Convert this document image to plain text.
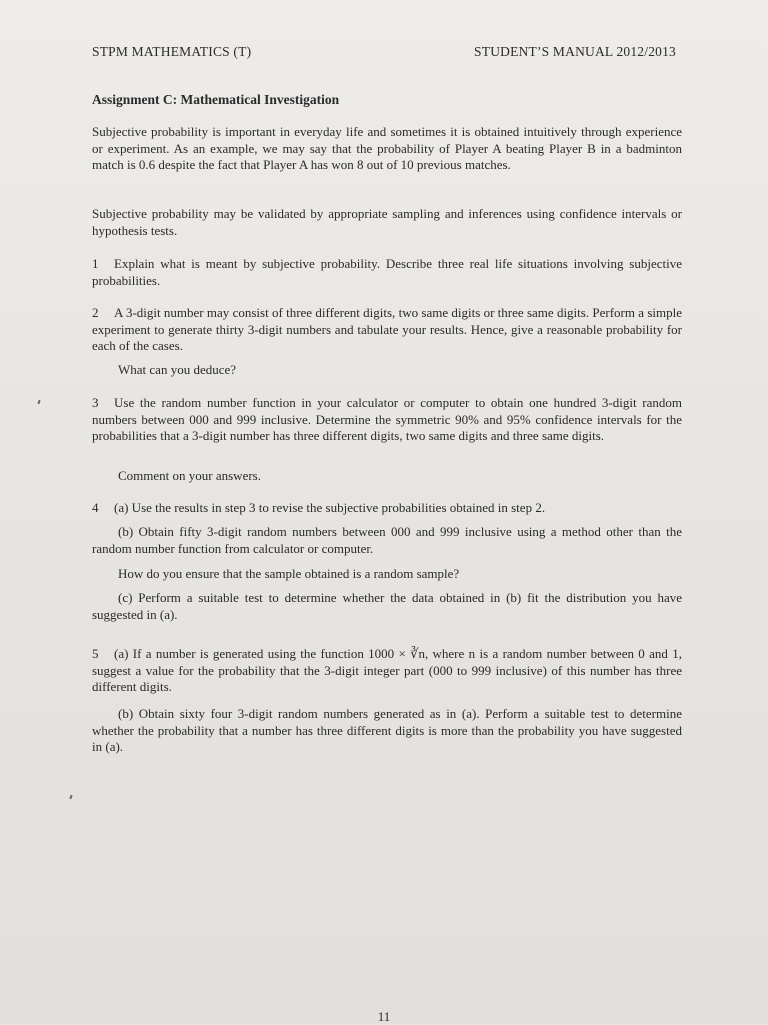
STPM MATHEMATICS (T)	STUDENT’S MANUAL 2012/2013
Assignment C: Mathematical Investigation
Subjective probability is important in everyday life and sometimes it is obtained intuitively through experience or experiment. As an example, we may say that the probability of Player A beating Player B in a badminton match is 0.6 despite the fact that Player A has won 8 out of 10 previous matches.
Subjective probability may be validated by appropriate sampling and inferences using confidence intervals or hypothesis tests.
1 Explain what is meant by subjective probability. Describe three real life situations involving subjective probabilities.
2 A 3-digit number may consist of three different digits, two same digits or three same digits. Perform a simple experiment to generate thirty 3-digit numbers and tabulate your results. Hence, give a reasonable probability for each of the cases.
What can you deduce?
3 Use the random number function in your calculator or computer to obtain one hundred 3-digit random numbers between 000 and 999 inclusive. Determine the symmetric 90% and 95% confidence intervals for the probabilities that a 3-digit number has three different digits, two same digits and three same digits.
Comment on your answers.
4 (a) Use the results in step 3 to revise the subjective probabilities obtained in step 2.
(b) Obtain fifty 3-digit random numbers between 000 and 999 inclusive using a method other than the random number function from calculator or computer.
How do you ensure that the sample obtained is a random sample?
(c) Perform a suitable test to determine whether the data obtained in (b) fit the distribution you have suggested in (a).
5 (a) If a number is generated using the function 1000 × ∛n, where n is a random number between 0 and 1, suggest a value for the probability that the 3-digit integer part (000 to 999 inclusive) of this number has three different digits.
(b) Obtain sixty four 3-digit random numbers generated as in (a). Perform a suitable test to determine whether the probability that a number has three different digits is more than the probability you have suggested in (a).
11
